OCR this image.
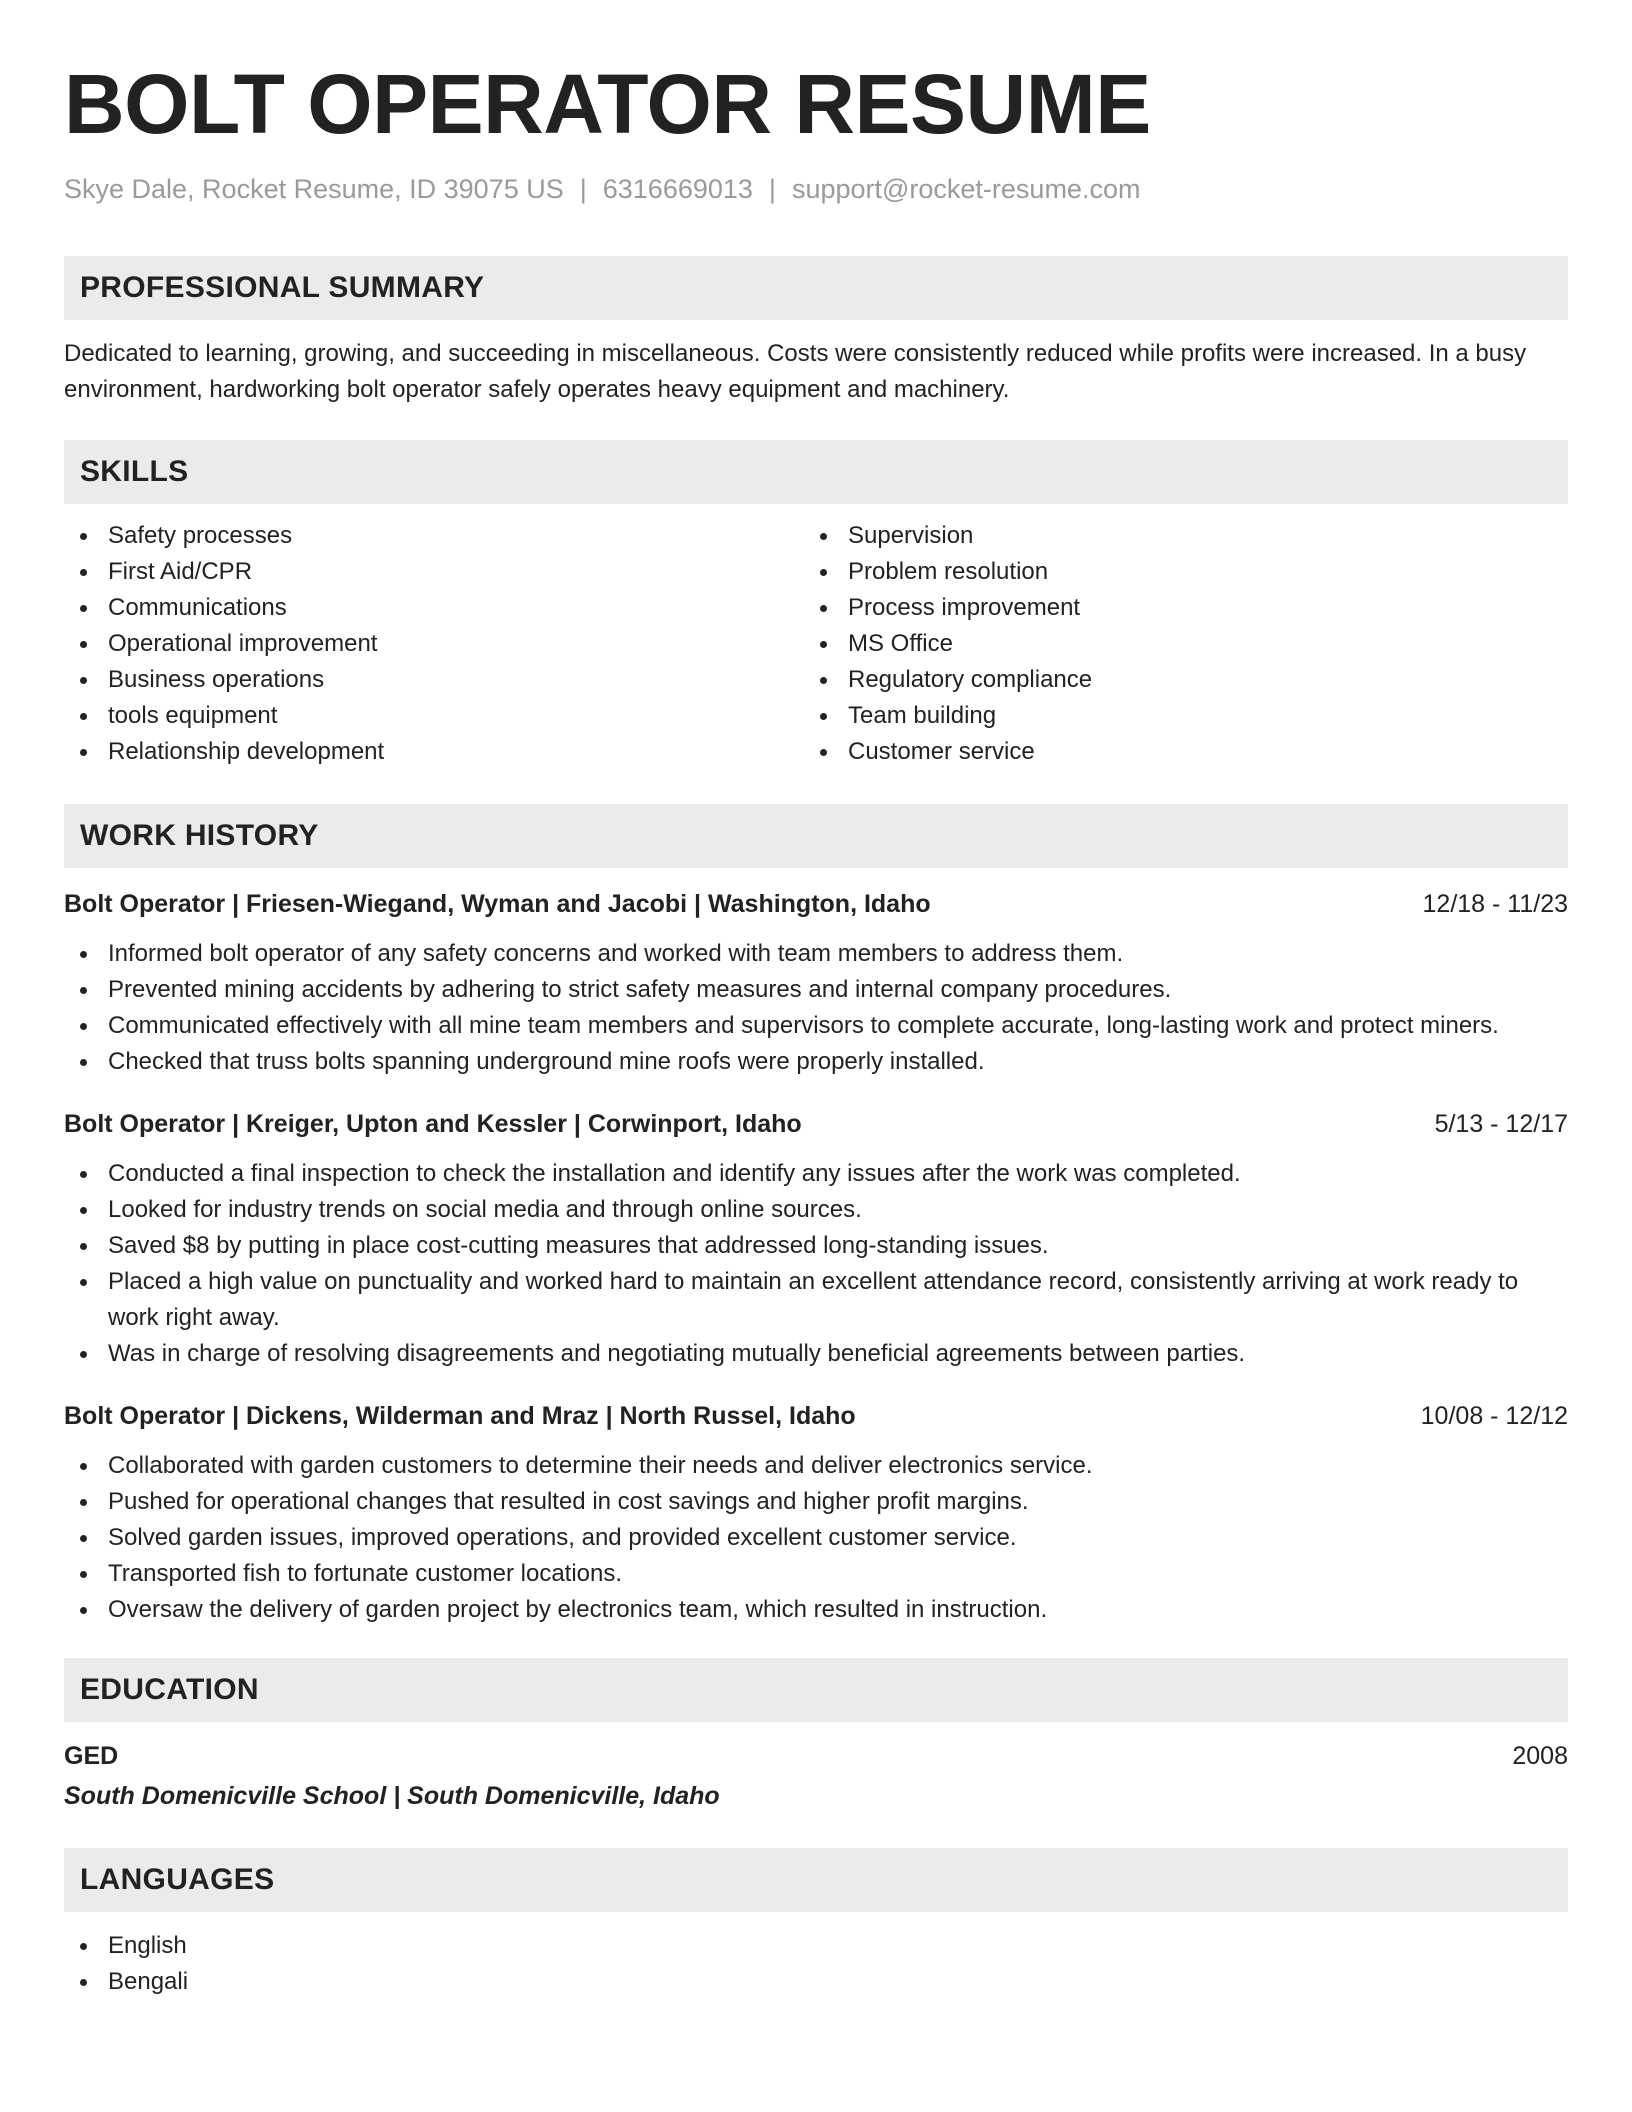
BOLT OPERATOR RESUME
Skye Dale, Rocket Resume, ID 39075 US | 6316669013 | support@rocket-resume.com
PROFESSIONAL SUMMARY
Dedicated to learning, growing, and succeeding in miscellaneous. Costs were consistently reduced while profits were increased. In a busy environment, hardworking bolt operator safely operates heavy equipment and machinery.
SKILLS
Safety processes
First Aid/CPR
Communications
Operational improvement
Business operations
tools equipment
Relationship development
Supervision
Problem resolution
Process improvement
MS Office
Regulatory compliance
Team building
Customer service
WORK HISTORY
Bolt Operator | Friesen-Wiegand, Wyman and Jacobi | Washington, Idaho	12/18 - 11/23
Informed bolt operator of any safety concerns and worked with team members to address them.
Prevented mining accidents by adhering to strict safety measures and internal company procedures.
Communicated effectively with all mine team members and supervisors to complete accurate, long-lasting work and protect miners.
Checked that truss bolts spanning underground mine roofs were properly installed.
Bolt Operator | Kreiger, Upton and Kessler | Corwinport, Idaho	5/13 - 12/17
Conducted a final inspection to check the installation and identify any issues after the work was completed.
Looked for industry trends on social media and through online sources.
Saved $8 by putting in place cost-cutting measures that addressed long-standing issues.
Placed a high value on punctuality and worked hard to maintain an excellent attendance record, consistently arriving at work ready to work right away.
Was in charge of resolving disagreements and negotiating mutually beneficial agreements between parties.
Bolt Operator | Dickens, Wilderman and Mraz | North Russel, Idaho	10/08 - 12/12
Collaborated with garden customers to determine their needs and deliver electronics service.
Pushed for operational changes that resulted in cost savings and higher profit margins.
Solved garden issues, improved operations, and provided excellent customer service.
Transported fish to fortunate customer locations.
Oversaw the delivery of garden project by electronics team, which resulted in instruction.
EDUCATION
GED	2008
South Domenicville School | South Domenicville, Idaho
LANGUAGES
English
Bengali
